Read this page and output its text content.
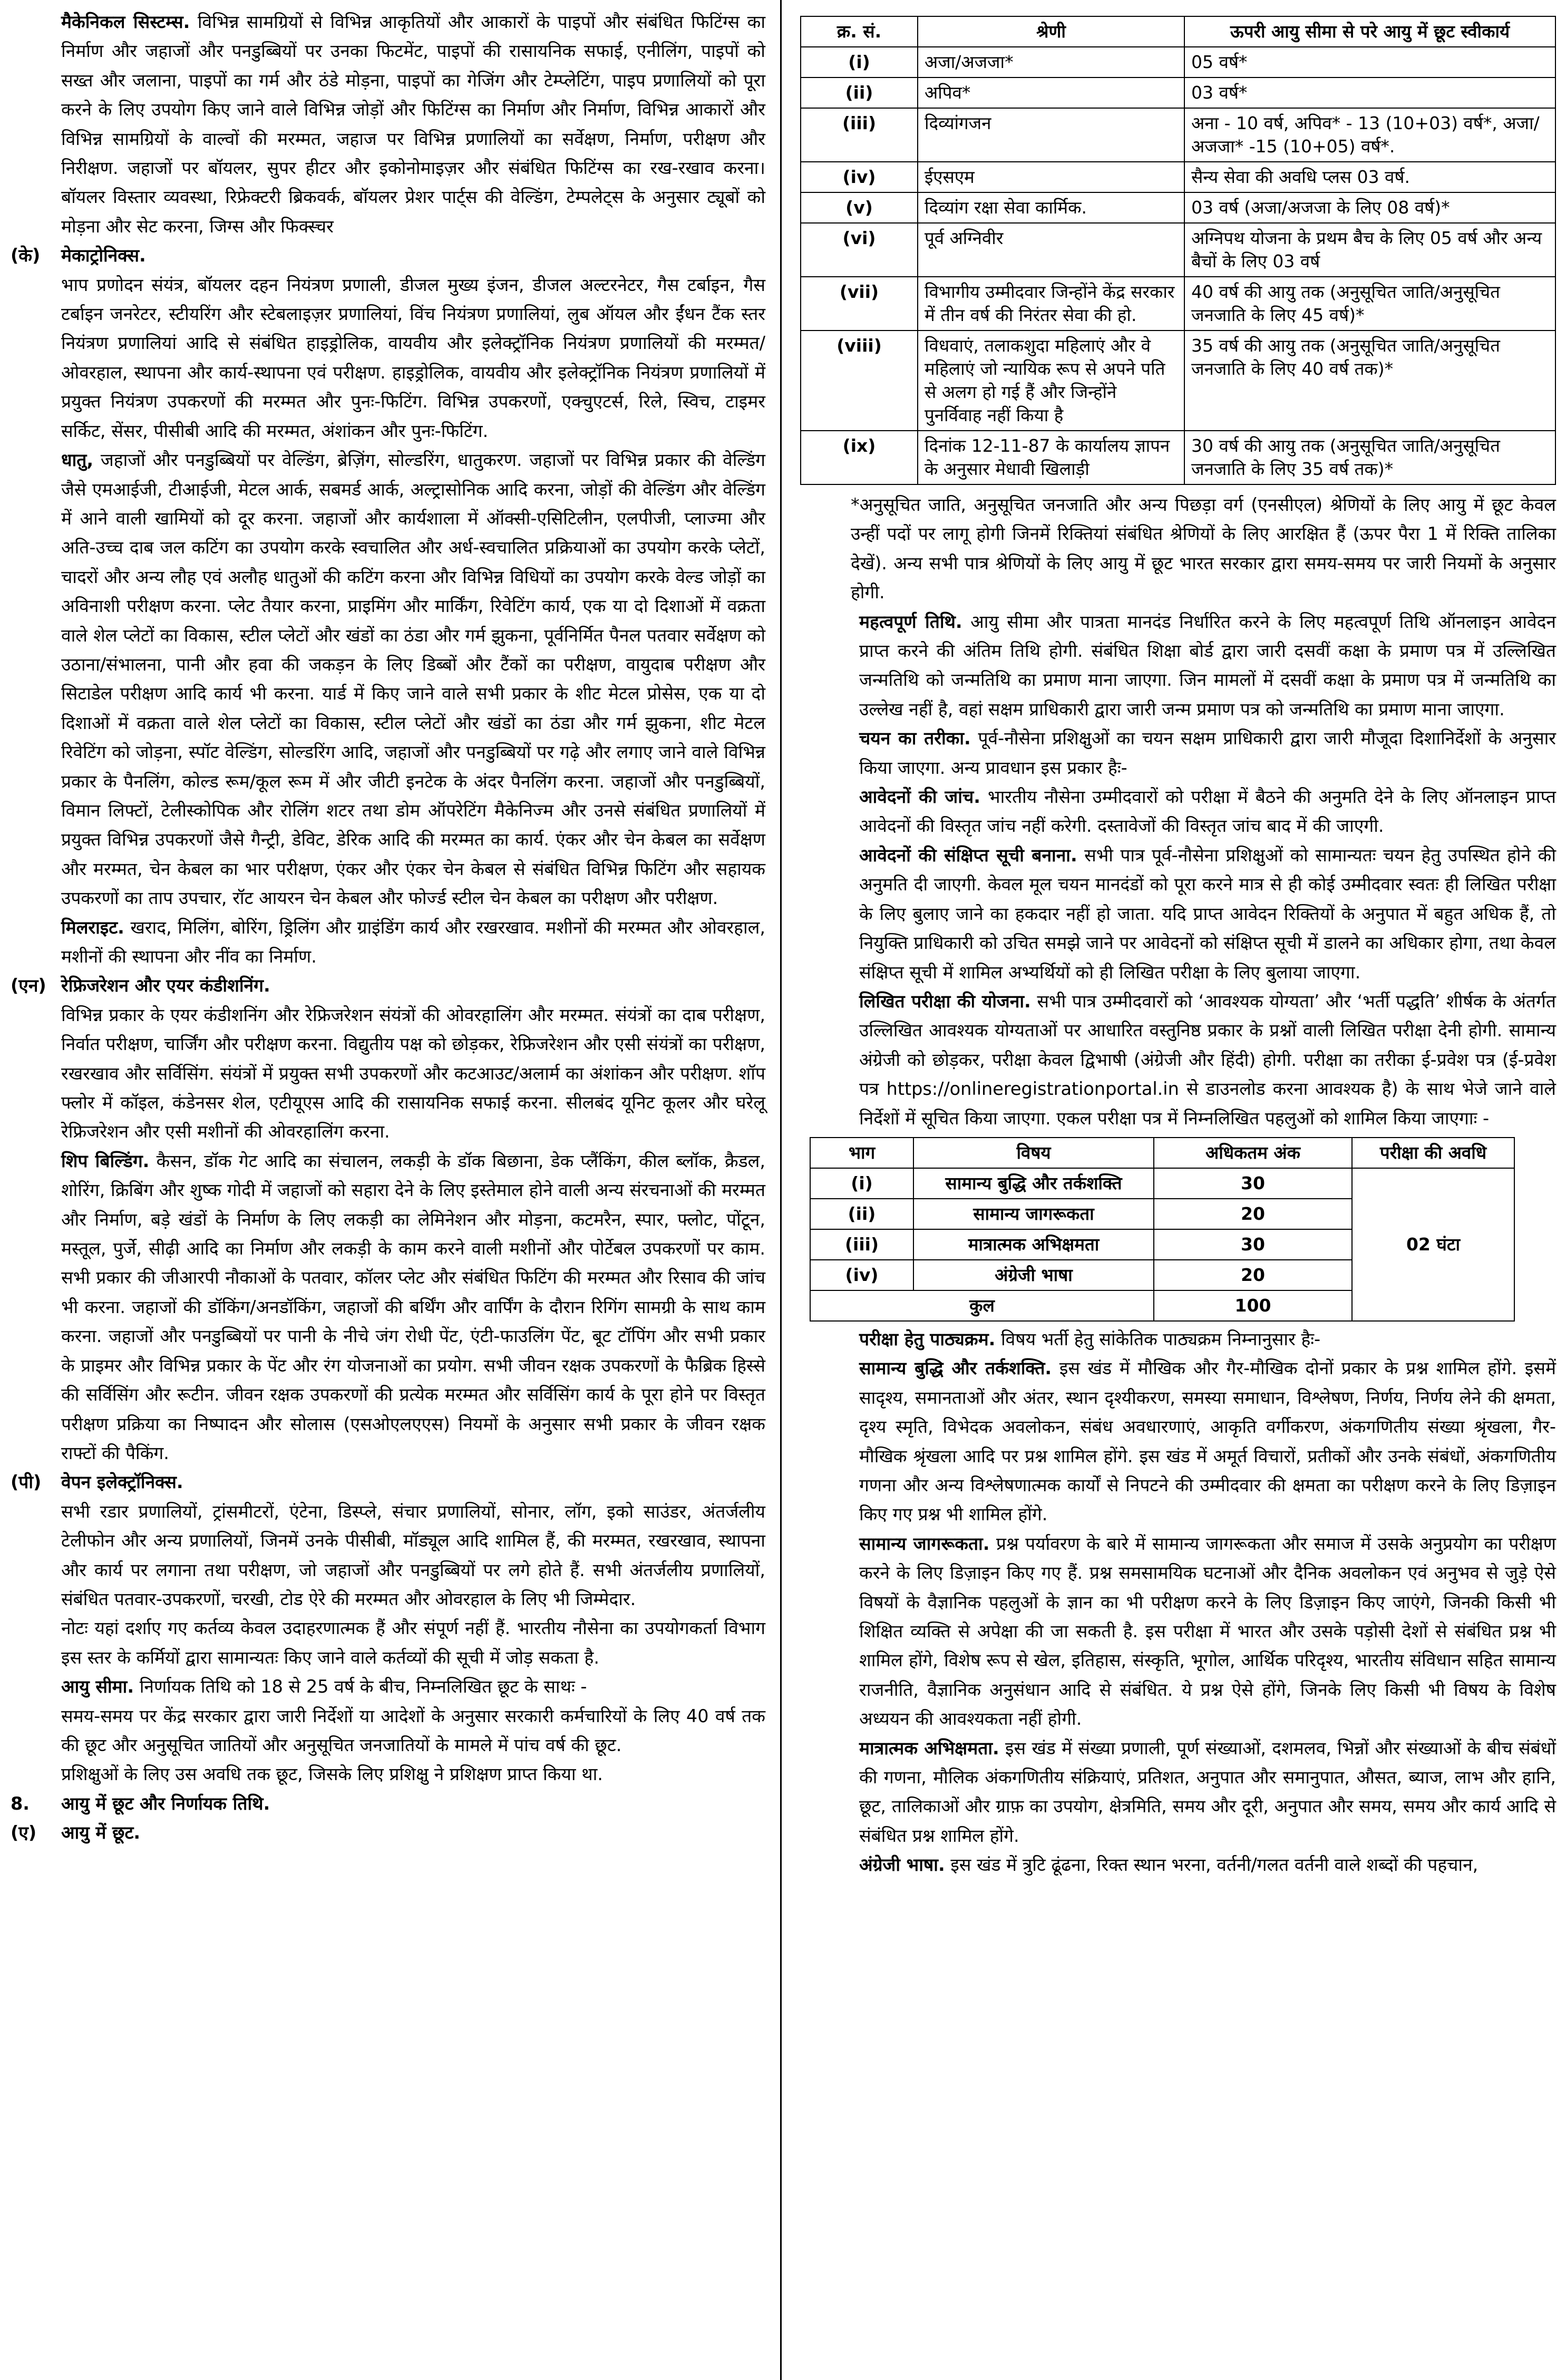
मैकेनिकल सिस्टम्स. विभिन्न सामग्रियों से विभिन्न आकृतियों और आकारों के पाइपों और संबंधित फिटिंग्स का निर्माण और जहाजों और पनडुब्बियों पर उनका फिटमेंट, पाइपों की रासायनिक सफाई, एनीलिंग, पाइपों को सख्त और जलाना, पाइपों का गर्म और ठंडे मोड़ना, पाइपों का गेजिंग और टेम्प्लेटिंग, पाइप प्रणालियों को पूरा करने के लिए उपयोग किए जाने वाले विभिन्न जोड़ों और फिटिंग्स का निर्माण और निर्माण, विभिन्न आकारों और विभिन्न सामग्रियों के वाल्वों की मरम्मत, जहाज पर विभिन्न प्रणालियों का सर्वेक्षण, निर्माण, परीक्षण और निरीक्षण. जहाजों पर बॉयलर, सुपर हीटर और इकोनोमाइज़र और संबंधित फिटिंग्स का रख-रखाव करना। बॉयलर विस्तार व्यवस्था, रिफ्रेक्टरी ब्रिकवर्क, बॉयलर प्रेशर पार्ट्स की वेल्डिंग, टेम्पलेट्स के अनुसार ट्यूबों को मोड़ना और सेट करना, जिग्स और फिक्स्चर

(के) मेकाट्रोनिक्स.

भाप प्रणोदन संयंत्र, बॉयलर दहन नियंत्रण प्रणाली, डीजल मुख्य इंजन, डीजल अल्टरनेटर, गैस टर्बाइन, गैस टर्बाइन जनरेटर, स्टीयरिंग और स्टेबलाइज़र प्रणालियां, विंच नियंत्रण प्रणालियां, लुब ऑयल और ईंधन टैंक स्तर नियंत्रण प्रणालियां आदि से संबंधित हाइड्रोलिक, वायवीय और इलेक्ट्रॉनिक नियंत्रण प्रणालियों की मरम्मत/ओवरहाल, स्थापना और कार्य-स्थापना एवं परीक्षण. हाइड्रोलिक, वायवीय और इलेक्ट्रॉनिक नियंत्रण प्रणालियों में प्रयुक्त नियंत्रण उपकरणों की मरम्मत और पुनः-फिटिंग. विभिन्न उपकरणों, एक्चुएटर्स, रिले, स्विच, टाइमर सर्किट, सेंसर, पीसीबी आदि की मरम्मत, अंशांकन और पुनः-फिटिंग.

धातु, जहाजों और पनडुब्बियों पर वेल्डिंग, ब्रेज़िंग, सोल्डरिंग, धातुकरण. जहाजों पर विभिन्न प्रकार की वेल्डिंग जैसे एमआईजी, टीआईजी, मेटल आर्क, सबमर्ड आर्क, अल्ट्रासोनिक आदि करना, जोड़ों की वेल्डिंग और वेल्डिंग में आने वाली खामियों को दूर करना. जहाजों और कार्यशाला में ऑक्सी-एसिटिलीन, एलपीजी, प्लाज्मा और अति-उच्च दाब जल कटिंग का उपयोग करके स्वचालित और अर्ध-स्वचालित प्रक्रियाओं का उपयोग करके प्लेटों, चादरों और अन्य लौह एवं अलौह धातुओं की कटिंग करना और विभिन्न विधियों का उपयोग करके वेल्ड जोड़ों का अविनाशी परीक्षण करना. प्लेट तैयार करना, प्राइमिंग और मार्किंग, रिवेटिंग कार्य, एक या दो दिशाओं में वक्रता वाले शेल प्लेटों का विकास, स्टील प्लेटों और खंडों का ठंडा और गर्म झुकना, पूर्वनिर्मित पैनल पतवार सर्वेक्षण को उठाना/संभालना, पानी और हवा की जकड़न के लिए डिब्बों और टैंकों का परीक्षण, वायुदाब परीक्षण और सिटाडेल परीक्षण आदि कार्य भी करना. यार्ड में किए जाने वाले सभी प्रकार के शीट मेटल प्रोसेस, एक या दो दिशाओं में वक्रता वाले शेल प्लेटों का विकास, स्टील प्लेटों और खंडों का ठंडा और गर्म झुकना, शीट मेटल रिवेटिंग को जोड़ना, स्पॉट वेल्डिंग, सोल्डरिंग आदि, जहाजों और पनडुब्बियों पर गढ़े और लगाए जाने वाले विभिन्न प्रकार के पैनलिंग, कोल्ड रूम/कूल रूम में और जीटी इनटेक के अंदर पैनलिंग करना. जहाजों और पनडुब्बियों, विमान लिफ्टों, टेलीस्कोपिक और रोलिंग शटर तथा डोम ऑपरेटिंग मैकेनिज्म और उनसे संबंधित प्रणालियों में प्रयुक्त विभिन्न उपकरणों जैसे गैन्ट्री, डेविट, डेरिक आदि की मरम्मत का कार्य. एंकर और चेन केबल का सर्वेक्षण और मरम्मत, चेन केबल का भार परीक्षण, एंकर और एंकर चेन केबल से संबंधित विभिन्न फिटिंग और सहायक उपकरणों का ताप उपचार, रॉट आयरन चेन केबल और फोर्ज्ड स्टील चेन केबल का परीक्षण और परीक्षण.

मिलराइट. खराद, मिलिंग, बोरिंग, ड्रिलिंग और ग्राइंडिंग कार्य और रखरखाव. मशीनों की मरम्मत और ओवरहाल, मशीनों की स्थापना और नींव का निर्माण.

(एन) रेफ्रिजरेशन और एयर कंडीशनिंग.

विभिन्न प्रकार के एयर कंडीशनिंग और रेफ्रिजरेशन संयंत्रों की ओवरहालिंग और मरम्मत. संयंत्रों का दाब परीक्षण, निर्वात परीक्षण, चार्जिंग और परीक्षण करना. विद्युतीय पक्ष को छोड़कर, रेफ्रिजरेशन और एसी संयंत्रों का परीक्षण, रखरखाव और सर्विसिंग. संयंत्रों में प्रयुक्त सभी उपकरणों और कटआउट/अलार्म का अंशांकन और परीक्षण. शॉप फ्लोर में कॉइल, कंडेनसर शेल, एटीयूएस आदि की रासायनिक सफाई करना. सीलबंद यूनिट कूलर और घरेलू रेफ्रिजरेशन और एसी मशीनों की ओवरहालिंग करना.

शिप बिल्डिंग. कैसन, डॉक गेट आदि का संचालन, लकड़ी के डॉक बिछाना, डेक प्लैंकिंग, कील ब्लॉक, क्रैडल, शोरिंग, क्रिबिंग और शुष्क गोदी में जहाजों को सहारा देने के लिए इस्तेमाल होने वाली अन्य संरचनाओं की मरम्मत और निर्माण, बड़े खंडों के निर्माण के लिए लकड़ी का लेमिनेशन और मोड़ना, कटमरैन, स्पार, फ्लोट, पोंटून, मस्तूल, पुर्जे, सीढ़ी आदि का निर्माण और लकड़ी के काम करने वाली मशीनों और पोर्टेबल उपकरणों पर काम. सभी प्रकार की जीआरपी नौकाओं के पतवार, कॉलर प्लेट और संबंधित फिटिंग की मरम्मत और रिसाव की जांच भी करना. जहाजों की डॉकिंग/अनडॉकिंग, जहाजों की बर्थिंग और वार्पिंग के दौरान रिगिंग सामग्री के साथ काम करना. जहाजों और पनडुब्बियों पर पानी के नीचे जंग रोधी पेंट, एंटी-फाउलिंग पेंट, बूट टॉपिंग और सभी प्रकार के प्राइमर और विभिन्न प्रकार के पेंट और रंग योजनाओं का प्रयोग. सभी जीवन रक्षक उपकरणों के फैब्रिक हिस्से की सर्विसिंग और रूटीन. जीवन रक्षक उपकरणों की प्रत्येक मरम्मत और सर्विसिंग कार्य के पूरा होने पर विस्तृत परीक्षण प्रक्रिया का निष्पादन और सोलास (एसओएलएएस) नियमों के अनुसार सभी प्रकार के जीवन रक्षक राफ्टों की पैकिंग.

(पी) वेपन इलेक्ट्रॉनिक्स.

सभी रडार प्रणालियों, ट्रांसमीटरों, एंटेना, डिस्प्ले, संचार प्रणालियों, सोनार, लॉग, इको साउंडर, अंतर्जलीय टेलीफोन और अन्य प्रणालियों, जिनमें उनके पीसीबी, मॉड्यूल आदि शामिल हैं, की मरम्मत, रखरखाव, स्थापना और कार्य पर लगाना तथा परीक्षण, जो जहाजों और पनडुब्बियों पर लगे होते हैं. सभी अंतर्जलीय प्रणालियों, संबंधित पतवार-उपकरणों, चरखी, टोड ऐरे की मरम्मत और ओवरहाल के लिए भी जिम्मेदार.

नोटः यहां दर्शाए गए कर्तव्य केवल उदाहरणात्मक हैं और संपूर्ण नहीं हैं. भारतीय नौसेना का उपयोगकर्ता विभाग इस स्तर के कर्मियों द्वारा सामान्यतः किए जाने वाले कर्तव्यों की सूची में जोड़ सकता है.

आयु सीमा. निर्णायक तिथि को 18 से 25 वर्ष के बीच, निम्नलिखित छूट के साथः -

समय-समय पर केंद्र सरकार द्वारा जारी निर्देशों या आदेशों के अनुसार सरकारी कर्मचारियों के लिए 40 वर्ष तक की छूट और अनुसूचित जातियों और अनुसूचित जनजातियों के मामले में पांच वर्ष की छूट.

प्रशिक्षुओं के लिए उस अवधि तक छूट, जिसके लिए प्रशिक्षु ने प्रशिक्षण प्राप्त किया था.

8. आयु में छूट और निर्णायक तिथि.

(ए) आयु में छूट.

क्र. सं.	श्रेणी	ऊपरी आयु सीमा से परे आयु में छूट स्वीकार्य
(i)	अजा/अजजा*	05 वर्ष*
(ii)	अपिव*	03 वर्ष*
(iii)	दिव्यांगजन	अना - 10 वर्ष, अपिव* - 13 (10+03) वर्ष*, अजा/अजजा* -15 (10+05) वर्ष*.
(iv)	ईएसएम	सैन्य सेवा की अवधि प्लस 03 वर्ष.
(v)	दिव्यांग रक्षा सेवा कार्मिक.	03 वर्ष (अजा/अजजा के लिए 08 वर्ष)*
(vi)	पूर्व अग्निवीर	अग्निपथ योजना के प्रथम बैच के लिए 05 वर्ष और अन्य बैचों के लिए 03 वर्ष
(vii)	विभागीय उम्मीदवार जिन्होंने केंद्र सरकार में तीन वर्ष की निरंतर सेवा की हो.	40 वर्ष की आयु तक (अनुसूचित जाति/अनुसूचित जनजाति के लिए 45 वर्ष)*
(viii)	विधवाएं, तलाकशुदा महिलाएं और वे महिलाएं जो न्यायिक रूप से अपने पति से अलग हो गई हैं और जिन्होंने पुनर्विवाह नहीं किया है	35 वर्ष की आयु तक (अनुसूचित जाति/अनुसूचित जनजाति के लिए 40 वर्ष तक)*
(ix)	दिनांक 12-11-87 के कार्यालय ज्ञापन के अनुसार मेधावी खिलाड़ी	30 वर्ष की आयु तक (अनुसूचित जाति/अनुसूचित जनजाति के लिए 35 वर्ष तक)*

*अनुसूचित जाति, अनुसूचित जनजाति और अन्य पिछड़ा वर्ग (एनसीएल) श्रेणियों के लिए आयु में छूट केवल उन्हीं पदों पर लागू होगी जिनमें रिक्तियां संबंधित श्रेणियों के लिए आरक्षित हैं (ऊपर पैरा 1 में रिक्ति तालिका देखें). अन्य सभी पात्र श्रेणियों के लिए आयु में छूट भारत सरकार द्वारा समय-समय पर जारी नियमों के अनुसार होगी.

महत्वपूर्ण तिथि. आयु सीमा और पात्रता मानदंड निर्धारित करने के लिए महत्वपूर्ण तिथि ऑनलाइन आवेदन प्राप्त करने की अंतिम तिथि होगी. संबंधित शिक्षा बोर्ड द्वारा जारी दसवीं कक्षा के प्रमाण पत्र में उल्लिखित जन्मतिथि को जन्मतिथि का प्रमाण माना जाएगा. जिन मामलों में दसवीं कक्षा के प्रमाण पत्र में जन्मतिथि का उल्लेख नहीं है, वहां सक्षम प्राधिकारी द्वारा जारी जन्म प्रमाण पत्र को जन्मतिथि का प्रमाण माना जाएगा.

चयन का तरीका. पूर्व-नौसेना प्रशिक्षुओं का चयन सक्षम प्राधिकारी द्वारा जारी मौजूदा दिशानिर्देशों के अनुसार किया जाएगा. अन्य प्रावधान इस प्रकार हैः-

आवेदनों की जांच. भारतीय नौसेना उम्मीदवारों को परीक्षा में बैठने की अनुमति देने के लिए ऑनलाइन प्राप्त आवेदनों की विस्तृत जांच नहीं करेगी. दस्तावेजों की विस्तृत जांच बाद में की जाएगी.

आवेदनों की संक्षिप्त सूची बनाना. सभी पात्र पूर्व-नौसेना प्रशिक्षुओं को सामान्यतः चयन हेतु उपस्थित होने की अनुमति दी जाएगी. केवल मूल चयन मानदंडों को पूरा करने मात्र से ही कोई उम्मीदवार स्वतः ही लिखित परीक्षा के लिए बुलाए जाने का हकदार नहीं हो जाता. यदि प्राप्त आवेदन रिक्तियों के अनुपात में बहुत अधिक हैं, तो नियुक्ति प्राधिकारी को उचित समझे जाने पर आवेदनों को संक्षिप्त सूची में डालने का अधिकार होगा, तथा केवल संक्षिप्त सूची में शामिल अभ्यर्थियों को ही लिखित परीक्षा के लिए बुलाया जाएगा.

लिखित परीक्षा की योजना. सभी पात्र उम्मीदवारों को ‘आवश्यक योग्यता’ और ‘भर्ती पद्धति’ शीर्षक के अंतर्गत उल्लिखित आवश्यक योग्यताओं पर आधारित वस्तुनिष्ठ प्रकार के प्रश्नों वाली लिखित परीक्षा देनी होगी. सामान्य अंग्रेजी को छोड़कर, परीक्षा केवल द्विभाषी (अंग्रेजी और हिंदी) होगी. परीक्षा का तरीका ई-प्रवेश पत्र (ई-प्रवेश पत्र https://onlineregistrationportal.in से डाउनलोड करना आवश्यक है) के साथ भेजे जाने वाले निर्देशों में सूचित किया जाएगा. एकल परीक्षा पत्र में निम्नलिखित पहलुओं को शामिल किया जाएगाः -

भाग	विषय	अधिकतम अंक	परीक्षा की अवधि
(i)	सामान्य बुद्धि और तर्कशक्ति	30	02 घंटा
(ii)	सामान्य जागरूकता	20	
(iii)	मात्रात्मक अभिक्षमता	30	
(iv)	अंग्रेजी भाषा	20	
कुल		100	

परीक्षा हेतु पाठ्यक्रम. विषय भर्ती हेतु सांकेतिक पाठ्यक्रम निम्नानुसार हैः-

सामान्य बुद्धि और तर्कशक्ति. इस खंड में मौखिक और गैर-मौखिक दोनों प्रकार के प्रश्न शामिल होंगे. इसमें सादृश्य, समानताओं और अंतर, स्थान दृश्यीकरण, समस्या समाधान, विश्लेषण, निर्णय, निर्णय लेने की क्षमता, दृश्य स्मृति, विभेदक अवलोकन, संबंध अवधारणाएं, आकृति वर्गीकरण, अंकगणितीय संख्या श्रृंखला, गैर-मौखिक श्रृंखला आदि पर प्रश्न शामिल होंगे. इस खंड में अमूर्त विचारों, प्रतीकों और उनके संबंधों, अंकगणितीय गणना और अन्य विश्लेषणात्मक कार्यों से निपटने की उम्मीदवार की क्षमता का परीक्षण करने के लिए डिज़ाइन किए गए प्रश्न भी शामिल होंगे.

सामान्य जागरूकता. प्रश्न पर्यावरण के बारे में सामान्य जागरूकता और समाज में उसके अनुप्रयोग का परीक्षण करने के लिए डिज़ाइन किए गए हैं. प्रश्न समसामयिक घटनाओं और दैनिक अवलोकन एवं अनुभव से जुड़े ऐसे विषयों के वैज्ञानिक पहलुओं के ज्ञान का भी परीक्षण करने के लिए डिज़ाइन किए जाएंगे, जिनकी किसी भी शिक्षित व्यक्ति से अपेक्षा की जा सकती है. इस परीक्षा में भारत और उसके पड़ोसी देशों से संबंधित प्रश्न भी शामिल होंगे, विशेष रूप से खेल, इतिहास, संस्कृति, भूगोल, आर्थिक परिदृश्य, भारतीय संविधान सहित सामान्य राजनीति, वैज्ञानिक अनुसंधान आदि से संबंधित. ये प्रश्न ऐसे होंगे, जिनके लिए किसी भी विषय के विशेष अध्ययन की आवश्यकता नहीं होगी.

मात्रात्मक अभिक्षमता. इस खंड में संख्या प्रणाली, पूर्ण संख्याओं, दशमलव, भिन्नों और संख्याओं के बीच संबंधों की गणना, मौलिक अंकगणितीय संक्रियाएं, प्रतिशत, अनुपात और समानुपात, औसत, ब्याज, लाभ और हानि, छूट, तालिकाओं और ग्राफ़ का उपयोग, क्षेत्रमिति, समय और दूरी, अनुपात और समय, समय और कार्य आदि से संबंधित प्रश्न शामिल होंगे.

अंग्रेजी भाषा. इस खंड में त्रुटि ढूंढना, रिक्त स्थान भरना, वर्तनी/गलत वर्तनी वाले शब्दों की पहचान,
